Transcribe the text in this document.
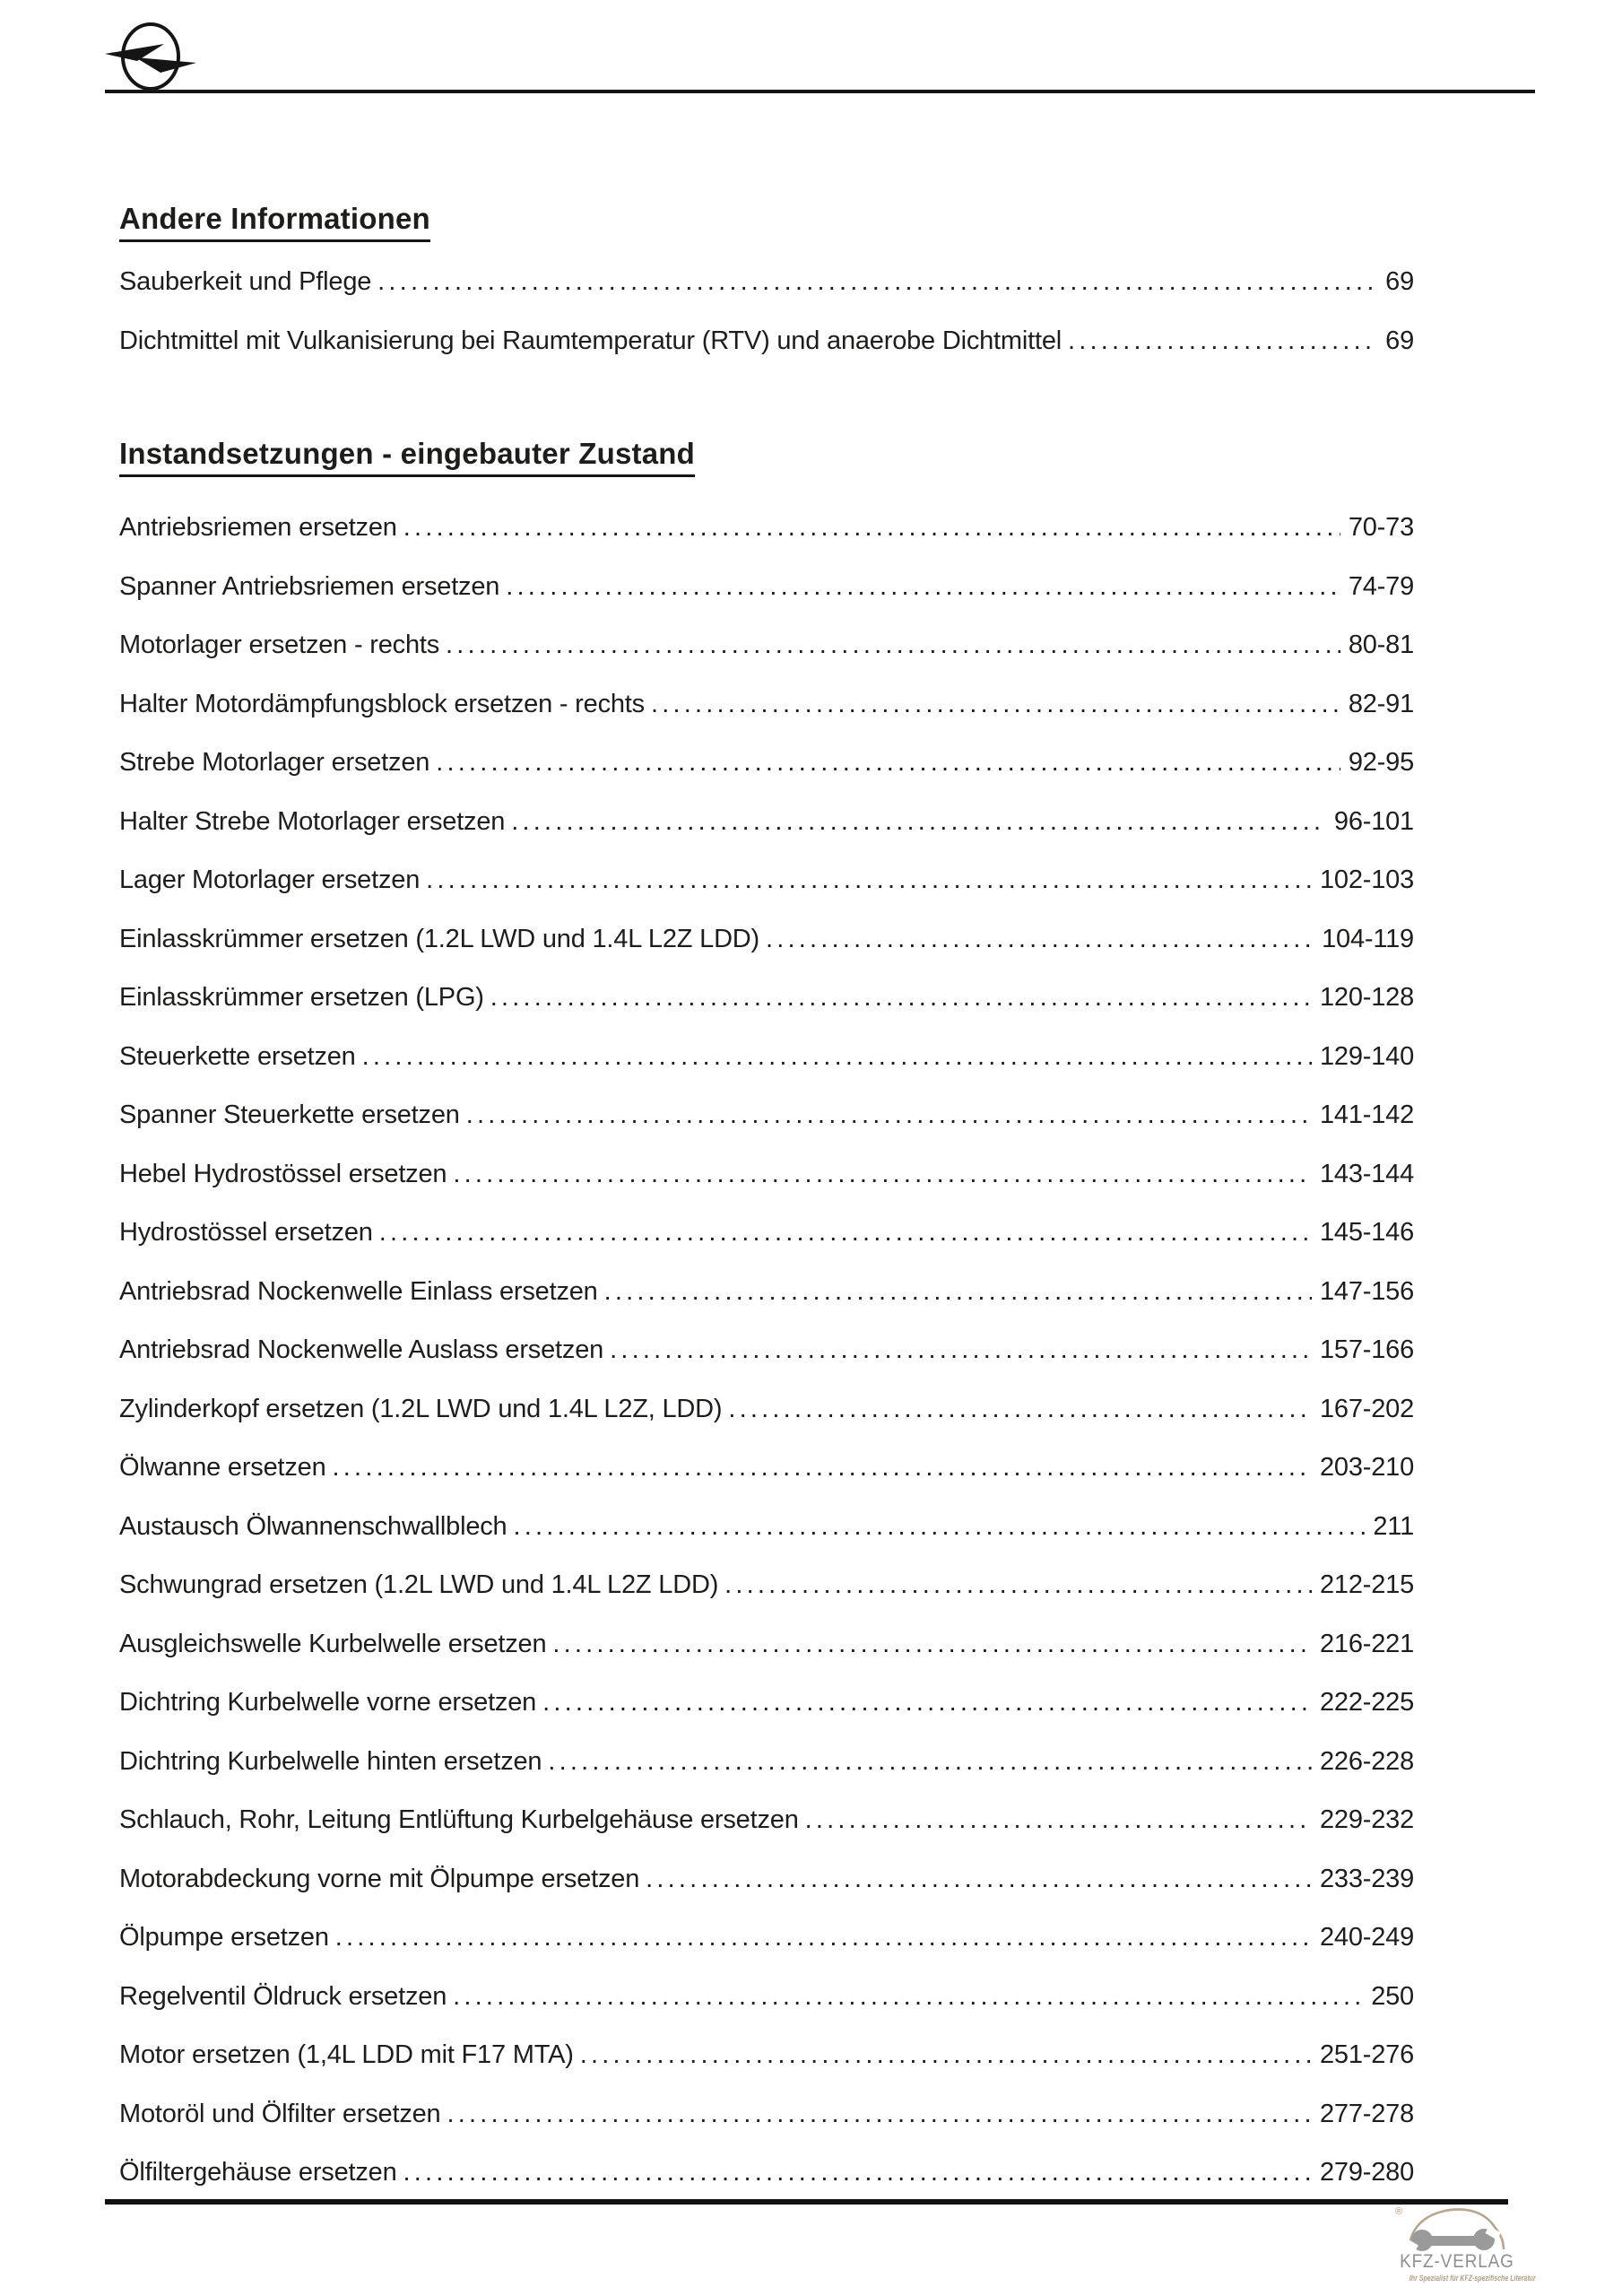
Andere Informationen
Sauberkeit und Pflege .....	69
Dichtmittel mit Vulkanisierung bei Raumtemperatur (RTV) und anaerobe Dichtmittel .....	69
Instandsetzungen - eingebauter Zustand
Antriebsriemen ersetzen .....	70-73
Spanner Antriebsriemen ersetzen .....	74-79
Motorlager ersetzen - rechts .....	80-81
Halter Motordämpfungsblock ersetzen - rechts .....	82-91
Strebe Motorlager ersetzen .....	92-95
Halter Strebe Motorlager ersetzen .....	96-101
Lager Motorlager ersetzen .....	102-103
Einlasskrümmer ersetzen (1.2L LWD und 1.4L L2Z LDD) .....	104-119
Einlasskrümmer ersetzen (LPG) .....	120-128
Steuerkette ersetzen .....	129-140
Spanner Steuerkette ersetzen .....	141-142
Hebel Hydrostössel ersetzen .....	143-144
Hydrostössel ersetzen .....	145-146
Antriebsrad Nockenwelle Einlass ersetzen .....	147-156
Antriebsrad Nockenwelle Auslass ersetzen .....	157-166
Zylinderkopf ersetzen (1.2L LWD und 1.4L L2Z, LDD) .....	167-202
Ölwanne ersetzen .....	203-210
Austausch Ölwannenschwallblech .....	211
Schwungrad ersetzen (1.2L LWD und 1.4L L2Z LDD) .....	212-215
Ausgleichswelle Kurbelwelle ersetzen .....	216-221
Dichtring Kurbelwelle vorne ersetzen .....	222-225
Dichtring Kurbelwelle hinten ersetzen .....	226-228
Schlauch, Rohr, Leitung Entlüftung Kurbelgehäuse ersetzen .....	229-232
Motorabdeckung vorne mit Ölpumpe ersetzen .....	233-239
Ölpumpe ersetzen .....	240-249
Regelventil Öldruck ersetzen .....	250
Motor ersetzen (1,4L LDD mit F17 MTA) .....	251-276
Motoröl und Ölfilter ersetzen .....	277-278
Ölfiltergehäuse ersetzen .....	279-280
®
KFZ-VERLAG
Ihr Spezialist für KFZ-spezifische Literatur
